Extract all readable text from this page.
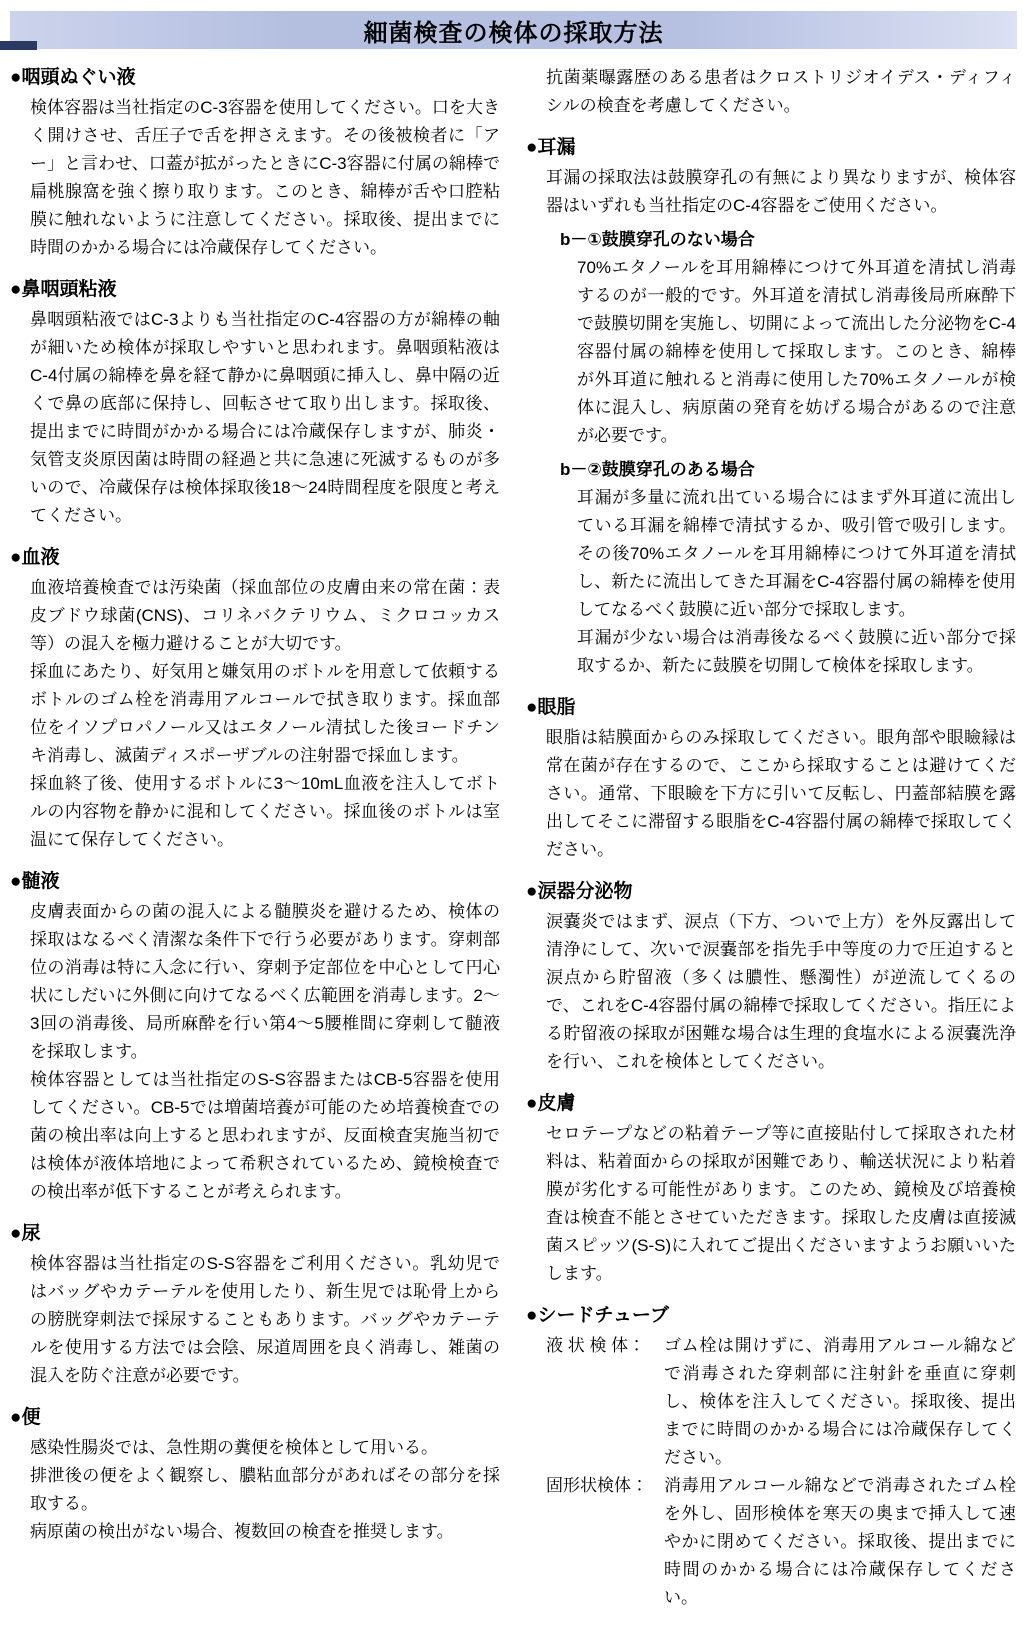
細菌検査の検体の採取方法
●咽頭ぬぐい液

検体容器は当社指定のC-3容器を使用してください。口を大きく開けさせ、舌圧子で舌を押さえます。その後被検者に「アー」と言わせ、口蓋が拡がったときにC-3容器に付属の綿棒で扁桃腺窩を強く擦り取ります。このとき、綿棒が舌や口腔粘膜に触れないように注意してください。採取後、提出までに時間のかかる場合には冷蔵保存してください。

●鼻咽頭粘液

鼻咽頭粘液ではC-3よりも当社指定のC-4容器の方が綿棒の軸が細いため検体が採取しやすいと思われます。鼻咽頭粘液はC-4付属の綿棒を鼻を経て静かに鼻咽頭に挿入し、鼻中隔の近くで鼻の底部に保持し、回転させて取り出します。採取後、提出までに時間がかかる場合には冷蔵保存しますが、肺炎・気管支炎原因菌は時間の経過と共に急速に死滅するものが多いので、冷蔵保存は検体採取後18～24時間程度を限度と考えてください。

●血液

血液培養検査では汚染菌（採血部位の皮膚由来の常在菌：表皮ブドウ球菌(CNS)、コリネバクテリウム、ミクロコッカス等）の混入を極力避けることが大切です。

採血にあたり、好気用と嫌気用のボトルを用意して依頼するボトルのゴム栓を消毒用アルコールで拭き取ります。採血部位をイソプロパノール又はエタノール清拭した後ヨードチンキ消毒し、滅菌ディスポーザブルの注射器で採血します。

採血終了後、使用するボトルに3～10mL血液を注入してボトルの内容物を静かに混和してください。採血後のボトルは室温にて保存してください。

●髄液

皮膚表面からの菌の混入による髄膜炎を避けるため、検体の採取はなるべく清潔な条件下で行う必要があります。穿刺部位の消毒は特に入念に行い、穿刺予定部位を中心として円心状にしだいに外側に向けてなるべく広範囲を消毒します。2～3回の消毒後、局所麻酔を行い第4～5腰椎間に穿刺して髄液を採取します。

検体容器としては当社指定のS-S容器またはCB-5容器を使用してください。CB-5では増菌培養が可能のため培養検査での菌の検出率は向上すると思われますが、反面検査実施当初では検体が液体培地によって希釈されているため、鏡検検査での検出率が低下することが考えられます。

●尿

検体容器は当社指定のS-S容器をご利用ください。乳幼児ではバッグやカテーテルを使用したり、新生児では恥骨上からの膀胱穿刺法で採尿することもあります。バッグやカテーテルを使用する方法では会陰、尿道周囲を良く消毒し、雑菌の混入を防ぐ注意が必要です。

●便

感染性腸炎では、急性期の糞便を検体として用いる。

排泄後の便をよく観察し、膿粘血部分があればその部分を採取する。

病原菌の検出がない場合、複数回の検査を推奨します。

抗菌薬曝露歴のある患者はクロストリジオイデス・ディフィシルの検査を考慮してください。

●耳漏

耳漏の採取法は鼓膜穿孔の有無により異なりますが、検体容器はいずれも当社指定のC-4容器をご使用ください。

b－①鼓膜穿孔のない場合

70%エタノールを耳用綿棒につけて外耳道を清拭し消毒するのが一般的です。外耳道を清拭し消毒後局所麻酔下で鼓膜切開を実施し、切開によって流出した分泌物をC-4容器付属の綿棒を使用して採取します。このとき、綿棒が外耳道に触れると消毒に使用した70%エタノールが検体に混入し、病原菌の発育を妨げる場合があるので注意が必要です。

b－②鼓膜穿孔のある場合

耳漏が多量に流れ出ている場合にはまず外耳道に流出している耳漏を綿棒で清拭するか、吸引管で吸引します。その後70%エタノールを耳用綿棒につけて外耳道を清拭し、新たに流出してきた耳漏をC-4容器付属の綿棒を使用してなるべく鼓膜に近い部分で採取します。

耳漏が少ない場合は消毒後なるべく鼓膜に近い部分で採取するか、新たに鼓膜を切開して検体を採取します。

●眼脂

眼脂は結膜面からのみ採取してください。眼角部や眼瞼縁は常在菌が存在するので、ここから採取することは避けてください。通常、下眼瞼を下方に引いて反転し、円蓋部結膜を露出してそこに滞留する眼脂をC-4容器付属の綿棒で採取してください。

●涙器分泌物

涙嚢炎ではまず、涙点（下方、ついで上方）を外反露出して清浄にして、次いで涙嚢部を指先手中等度の力で圧迫すると涙点から貯留液（多くは膿性、懸濁性）が逆流してくるので、これをC-4容器付属の綿棒で採取してください。指圧による貯留液の採取が困難な場合は生理的食塩水による涙嚢洗浄を行い、これを検体としてください。

●皮膚

セロテープなどの粘着テープ等に直接貼付して採取された材料は、粘着面からの採取が困難であり、輸送状況により粘着膜が劣化する可能性があります。このため、鏡検及び培養検査は検査不能とさせていただきます。採取した皮膚は直接滅菌スピッツ(S-S)に入れてご提出くださいますようお願いいたします。

●シードチューブ
液 状 検 体：	ゴム栓は開けずに、消毒用アルコール綿などで消毒された穿刺部に注射針を垂直に穿刺し、検体を注入してください。採取後、提出までに時間のかかる場合には冷蔵保存してください。
固形状検体： 消毒用アルコール綿などで消毒されたゴム栓を外し、固形検体を寒天の奥まで挿入して速やかに閉めてください。採取後、提出までに時間のかかる場合には冷蔵保存してください。
